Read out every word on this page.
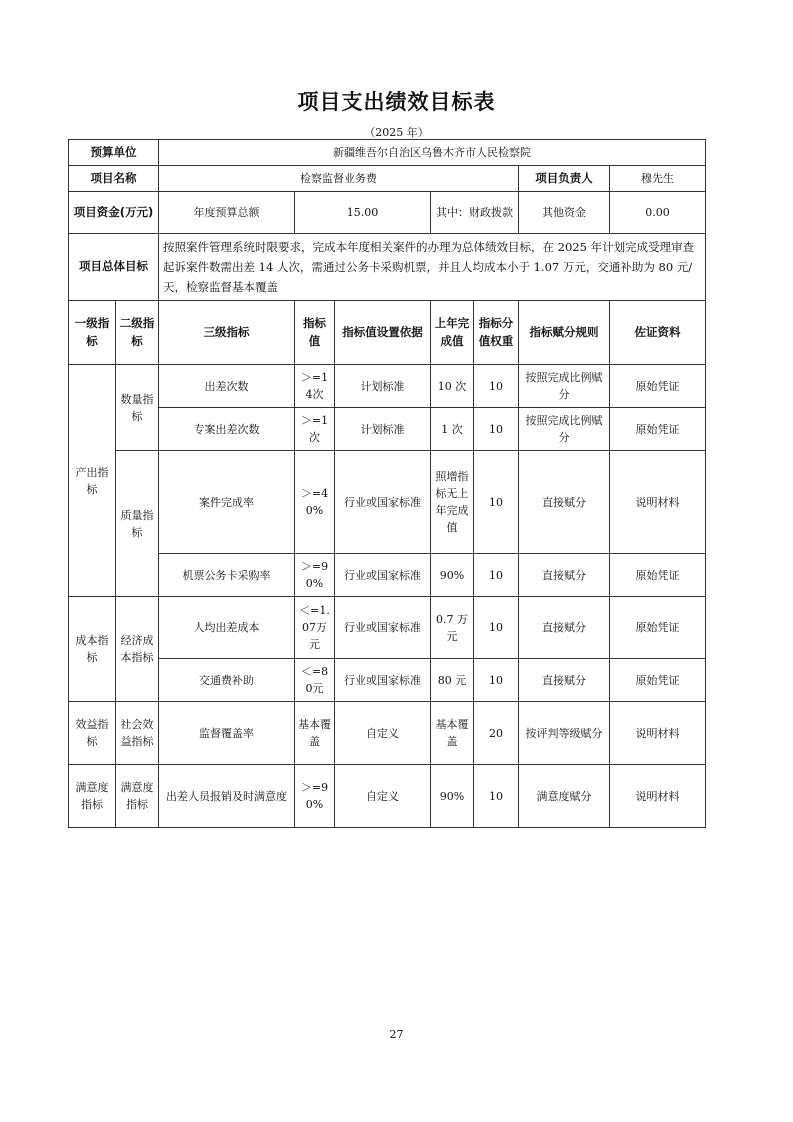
项目支出绩效目标表
（2025 年）
预算单位		新疆维吾尔自治区乌鲁木齐市人民检察院						
项目名称		检察监督业务费					项目负责人	穆先生
项目资金(万元)		年度预算总额	15.00		其中：财政拨款		其他资金	0.00
项目总体目标		按照案件管理系统时限要求，完成本年度相关案件的办理为总体绩效目标，在 2025 年计划完成受理审查起诉案件数需出差 14 人次，需通过公务卡采购机票，并且人均成本小于 1.07 万元，交通补助为 80 元/天，检察监督基本覆盖						
一级指标	二级指标	三级指标	指标值	指标值设置依据	上年完成值	指标分值权重	指标赋分规则	佐证资料
产出指标	数量指标	出差次数	＞=14次	计划标准	10 次	10	按照完成比例赋分	原始凭证
		专案出差次数	＞=1次	计划标准	1 次	10	按照完成比例赋分	原始凭证
	质量指标	案件完成率	＞=40%	行业或国家标准	照增指标无上年完成值	10	直接赋分	说明材料
		机票公务卡采购率	＞=90%	行业或国家标准	90%	10	直接赋分	原始凭证
成本指标	经济成本指标	人均出差成本	＜=1.07万元	行业或国家标准	0.7 万元	10	直接赋分	原始凭证
		交通费补助	＜=80元	行业或国家标准	80 元	10	直接赋分	原始凭证
效益指标	社会效益指标	监督覆盖率	基本覆盖	自定义	基本覆盖	20	按评判等级赋分	说明材料
满意度指标	满意度指标	出差人员报销及时满意度	＞=90%	自定义	90%	10	满意度赋分	说明材料
27
